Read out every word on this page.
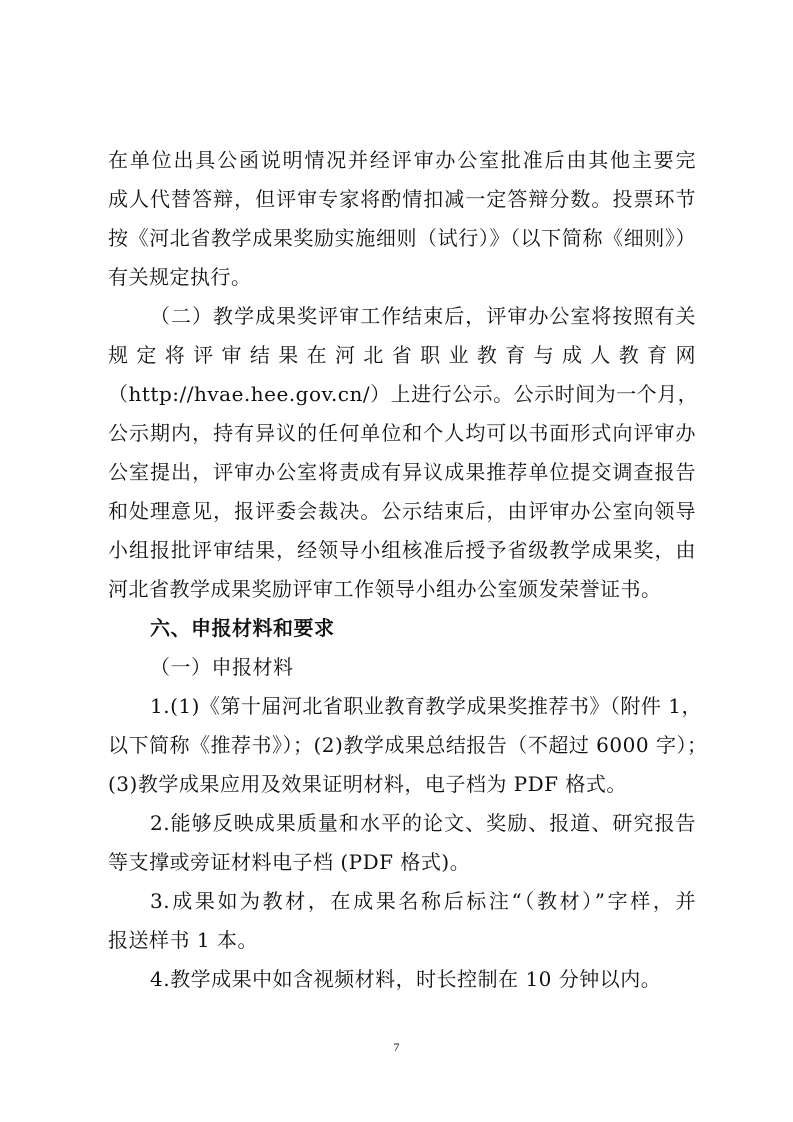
在单位出具公函说明情况并经评审办公室批准后由其他主要完
成人代替答辩，但评审专家将酌情扣减一定答辩分数。投票环节
按《河北省教学成果奖励实施细则（试行）》（以下简称《细则》）
有关规定执行。
（二）教学成果奖评审工作结束后，评审办公室将按照有关
规定将评审结果在河北省职业教育与成人教育网
（http://hvae.hee.gov.cn/）上进行公示。公示时间为一个月，
公示期内，持有异议的任何单位和个人均可以书面形式向评审办
公室提出，评审办公室将责成有异议成果推荐单位提交调查报告
和处理意见，报评委会裁决。公示结束后，由评审办公室向领导
小组报批评审结果，经领导小组核准后授予省级教学成果奖，由
河北省教学成果奖励评审工作领导小组办公室颁发荣誉证书。
六、申报材料和要求
（一）申报材料
1.(1)《第十届河北省职业教育教学成果奖推荐书》（附件 1，
以下简称《推荐书》）；(2)教学成果总结报告（不超过 6000 字）；
(3)教学成果应用及效果证明材料，电子档为 PDF 格式。
2.能够反映成果质量和水平的论文、奖励、报道、研究报告
等支撑或旁证材料电子档 (PDF 格式)。
3.成果如为教材，在成果名称后标注“（教材）”字样，并
报送样书 1 本。
4.教学成果中如含视频材料，时长控制在 10 分钟以内。
7
